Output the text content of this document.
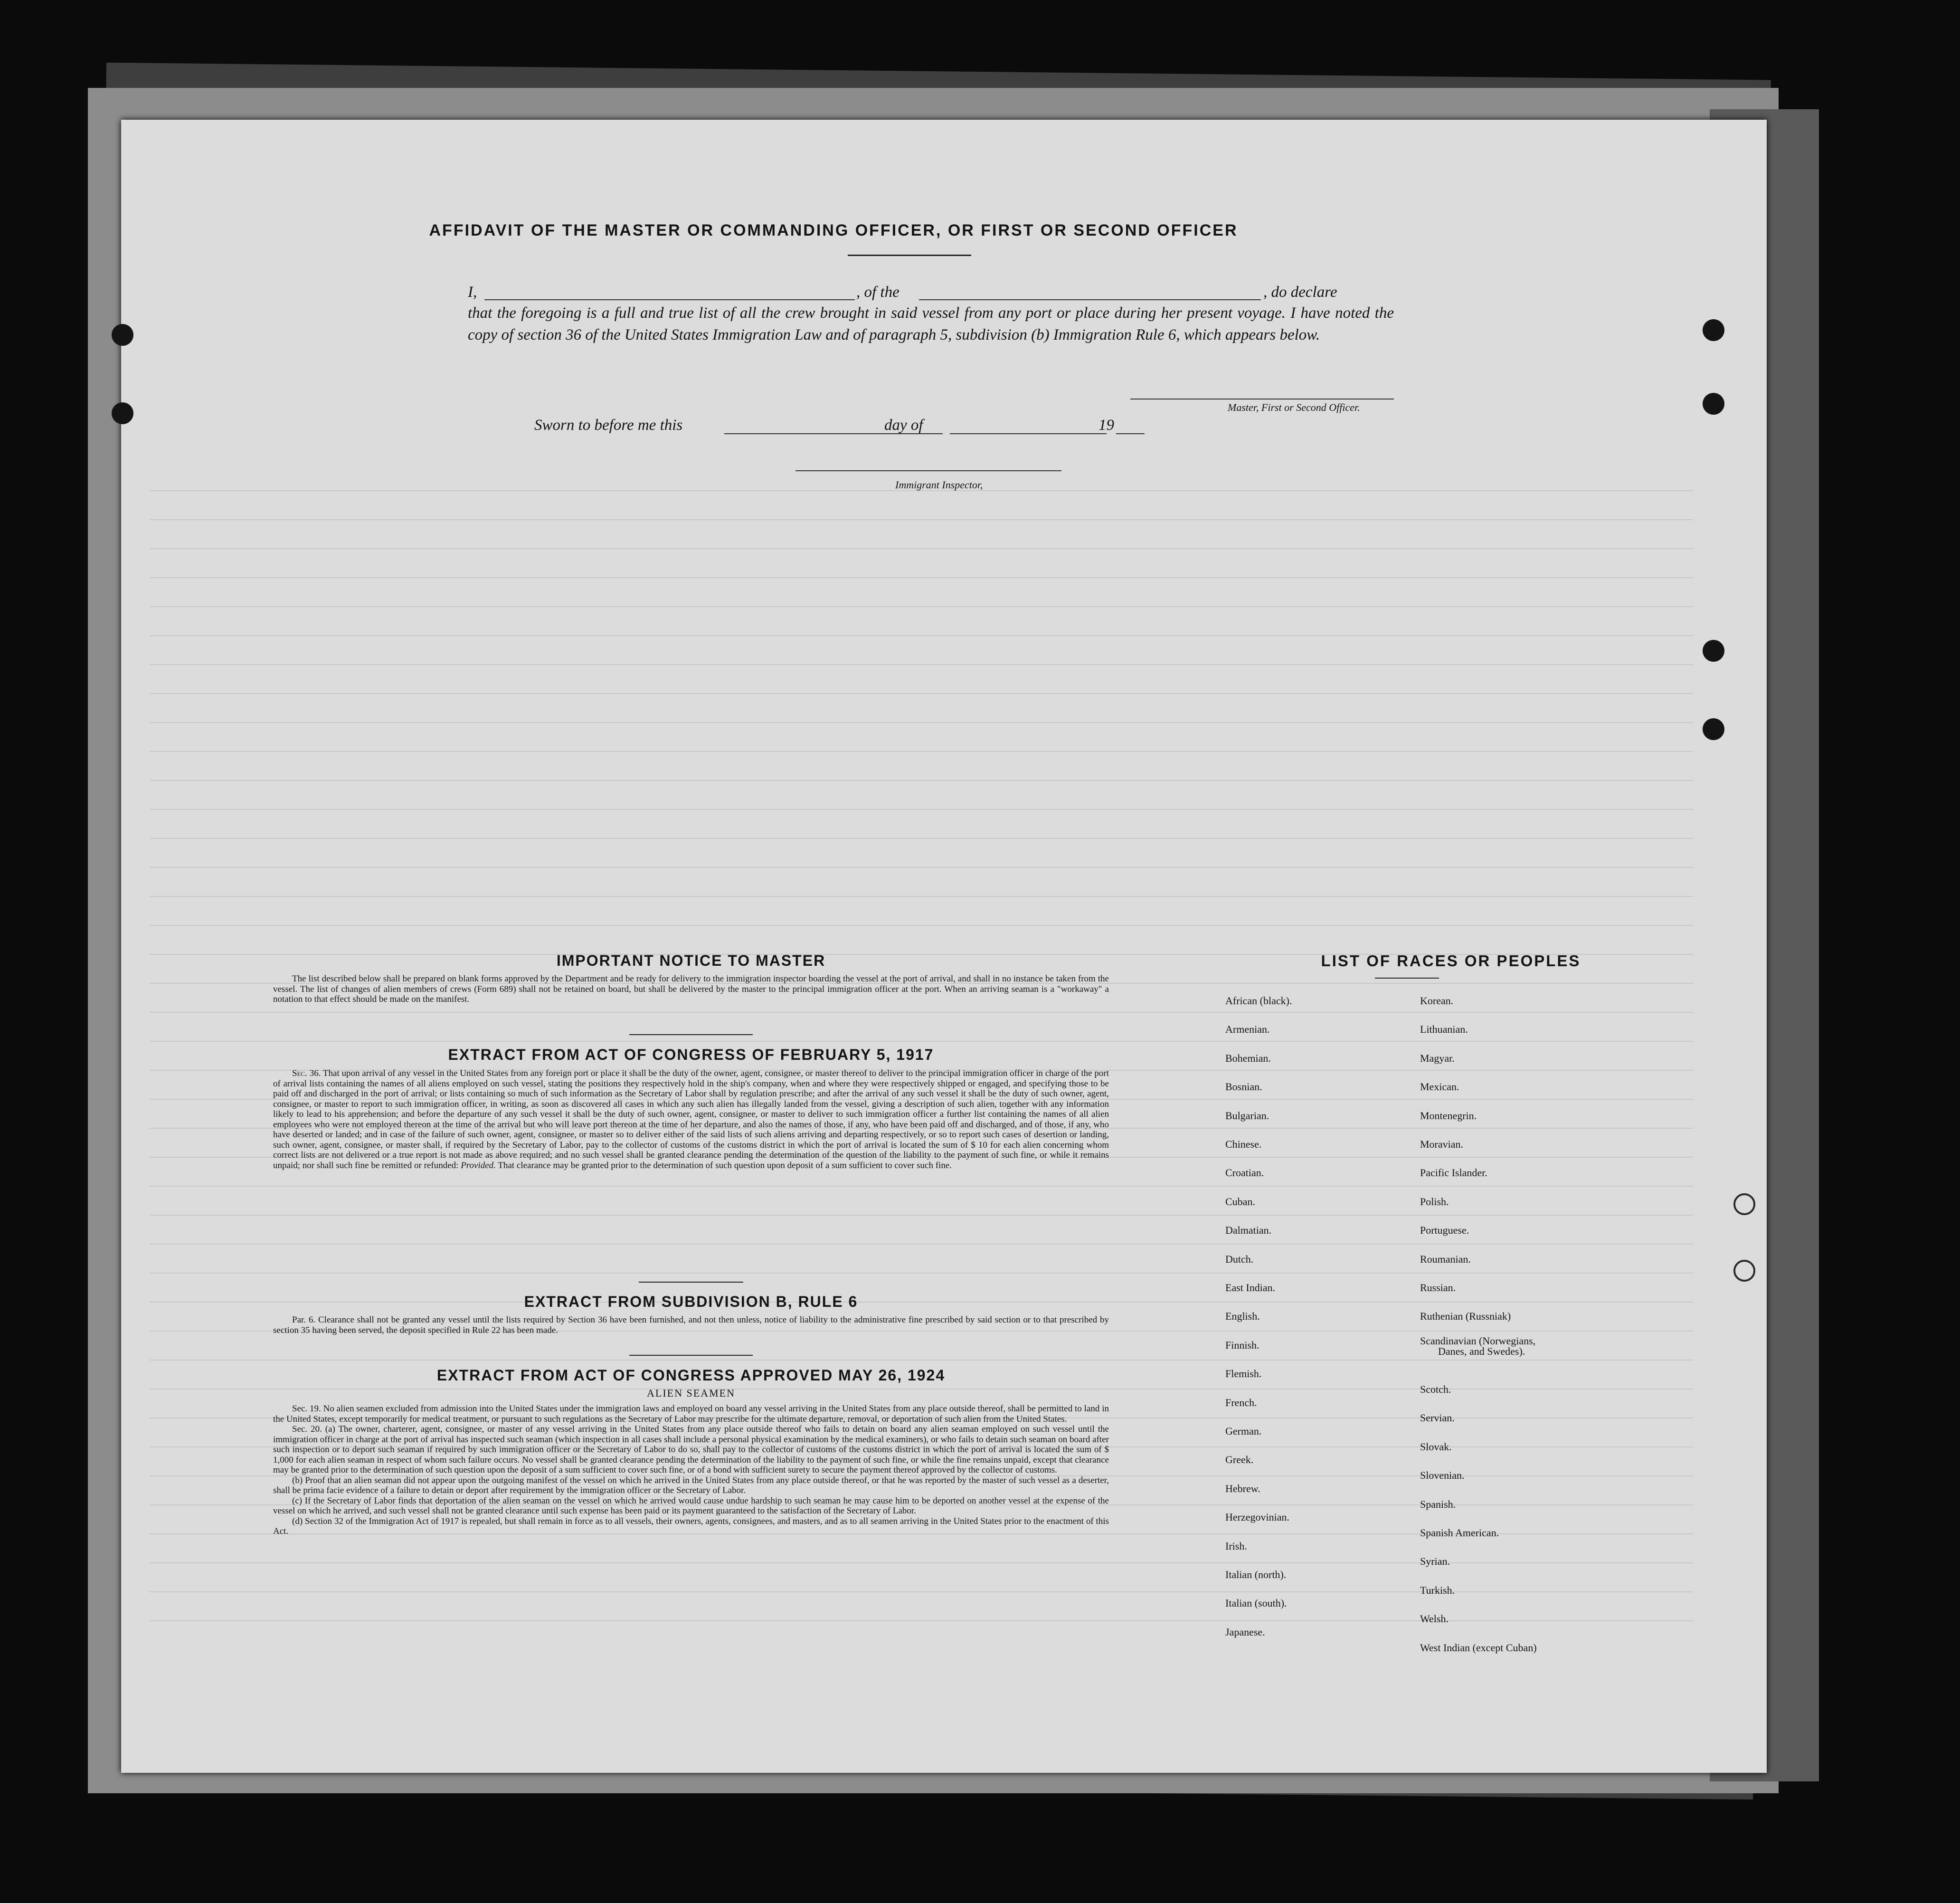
AFFIDAVIT OF THE MASTER OR COMMANDING OFFICER, OR FIRST OR SECOND OFFICER
I,	, of the	, do declare
that the foregoing is a full and true list of all the crew brought in said vessel from any port or place during her present voyage. I have noted the copy of section 36 of the United States Immigration Law and of paragraph 5, subdivision (b) Immigration Rule 6, which appears below.
Master, First or Second Officer.
Sworn to before me this	day of	19
Immigrant Inspector,
IMPORTANT NOTICE TO MASTER
The list described below shall be prepared on blank forms approved by the Department and be ready for delivery to the immigration inspector boarding the vessel at the port of arrival, and shall in no instance be taken from the vessel. The list of changes of alien members of crews (Form 689) shall not be retained on board, but shall be delivered by the master to the principal immigration officer at the port. When an arriving seaman is a "workaway" a notation to that effect should be made on the manifest.
EXTRACT FROM ACT OF CONGRESS OF FEBRUARY 5, 1917
Sec. 36. That upon arrival of any vessel in the United States from any foreign port or place it shall be the duty of the owner, agent, consignee, or master thereof to deliver to the principal immigration officer in charge of the port of arrival lists containing the names of all aliens employed on such vessel, stating the positions they respectively hold in the ship's company, when and where they were respectively shipped or engaged, and specifying those to be paid off and discharged in the port of arrival; or lists containing so much of such information as the Secretary of Labor shall by regulation prescribe; and after the arrival of any such vessel it shall be the duty of such owner, agent, consignee, or master to report to such immigration officer, in writing, as soon as discovered all cases in which any such alien has illegally landed from the vessel, giving a description of such alien, together with any information likely to lead to his apprehension; and before the departure of any such vessel it shall be the duty of such owner, agent, consignee, or master to deliver to such immigration officer a further list containing the names of all alien employees who were not employed thereon at the time of the arrival but who will leave port thereon at the time of her departure, and also the names of those, if any, who have been paid off and discharged, and of those, if any, who have deserted or landed; and in case of the failure of such owner, agent, consignee, or master so to deliver either of the said lists of such aliens arriving and departing respectively, or so to report such cases of desertion or landing, such owner, agent, consignee, or master shall, if required by the Secretary of Labor, pay to the collector of customs of the customs district in which the port of arrival is located the sum of $ 10 for each alien concerning whom correct lists are not delivered or a true report is not made as above required; and no such vessel shall be granted clearance pending the determination of the question of the liability to the payment of such fine, or while it remains unpaid; nor shall such fine be remitted or refunded: Provided. That clearance may be granted prior to the determination of such question upon deposit of a sum sufficient to cover such fine.
EXTRACT FROM SUBDIVISION B, RULE 6
Par. 6. Clearance shall not be granted any vessel until the lists required by Section 36 have been furnished, and not then unless, notice of liability to the administrative fine prescribed by said section or to that prescribed by section 35 having been served, the deposit specified in Rule 22 has been made.
EXTRACT FROM ACT OF CONGRESS APPROVED MAY 26, 1924
ALIEN SEAMEN
Sec. 19. No alien seamen excluded from admission into the United States under the immigration laws and employed on board any vessel arriving in the United States from any place outside thereof, shall be permitted to land in the United States, except temporarily for medical treatment, or pursuant to such regulations as the Secretary of Labor may prescribe for the ultimate departure, removal, or deportation of such alien from the United States.
Sec. 20. (a) The owner, charterer, agent, consignee, or master of any vessel arriving in the United States from any place outside thereof who fails to detain on board any alien seaman employed on such vessel until the immigration officer in charge at the port of arrival has inspected such seaman (which inspection in all cases shall include a personal physical examination by the medical examiners), or who fails to detain such seaman on board after such inspection or to deport such seaman if required by such immigration officer or the Secretary of Labor to do so, shall pay to the collector of customs of the customs district in which the port of arrival is located the sum of $ 1,000 for each alien seaman in respect of whom such failure occurs. No vessel shall be granted clearance pending the determination of the liability to the payment of such fine, or while the fine remains unpaid, except that clearance may be granted prior to the determination of such question upon the deposit of a sum sufficient to cover such fine, or of a bond with sufficient surety to secure the payment thereof approved by the collector of customs.
(b) Proof that an alien seaman did not appear upon the outgoing manifest of the vessel on which he arrived in the United States from any place outside thereof, or that he was reported by the master of such vessel as a deserter, shall be prima facie evidence of a failure to detain or deport after requirement by the immigration officer or the Secretary of Labor.
(c) If the Secretary of Labor finds that deportation of the alien seaman on the vessel on which he arrived would cause undue hardship to such seaman he may cause him to be deported on another vessel at the expense of the vessel on which he arrived, and such vessel shall not be granted clearance until such expense has been paid or its payment guaranteed to the satisfaction of the Secretary of Labor.
(d) Section 32 of the Immigration Act of 1917 is repealed, but shall remain in force as to all vessels, their owners, agents, consignees, and masters, and as to all seamen arriving in the United States prior to the enactment of this Act.
LIST OF RACES OR PEOPLES
African (black).
Armenian.
Bohemian.
Bosnian.
Bulgarian.
Chinese.
Croatian.
Cuban.
Dalmatian.
Dutch.
East Indian.
English.
Finnish.
Flemish.
French.
German.
Greek.
Hebrew.
Herzegovinian.
Irish.
Italian (north).
Italian (south).
Japanese.
Korean.
Lithuanian.
Magyar.
Mexican.
Montenegrin.
Moravian.
Pacific Islander.
Polish.
Portuguese.
Roumanian.
Russian.
Ruthenian (Russniak)
Scandinavian (Norwegians,
Danes, and Swedes).
Scotch.
Servian.
Slovak.
Slovenian.
Spanish.
Spanish American.
Syrian.
Turkish.
Welsh.
West Indian (except Cuban)
